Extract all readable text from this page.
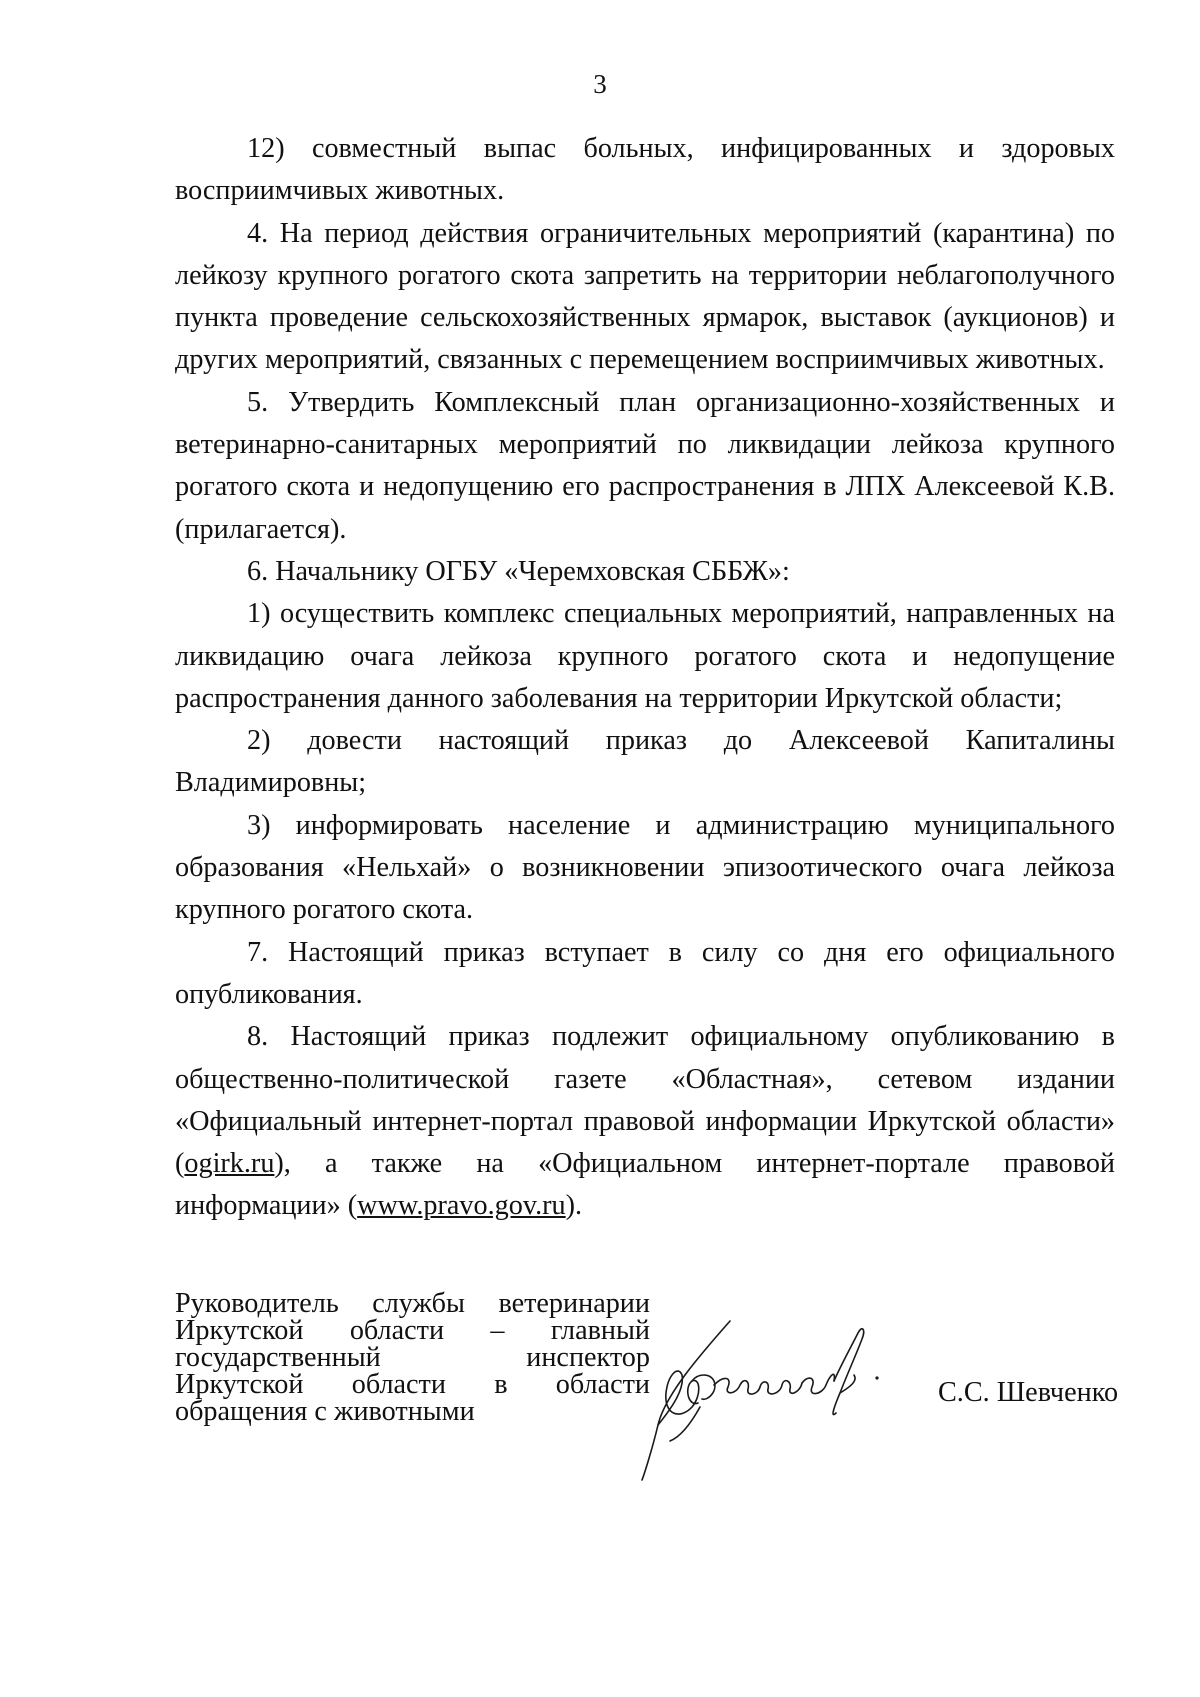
3

12) совместный выпас больных, инфицированных и здоровых восприимчивых животных.

4. На период действия ограничительных мероприятий (карантина) по лейкозу крупного рогатого скота запретить на территории неблагополучного пункта проведение сельскохозяйственных ярмарок, выставок (аукционов) и других мероприятий, связанных с перемещением восприимчивых животных.

5. Утвердить Комплексный план организационно-хозяйственных и ветеринарно-санитарных мероприятий по ликвидации лейкоза крупного рогатого скота и недопущению его распространения в ЛПХ Алексеевой К.В. (прилагается).

6. Начальнику ОГБУ «Черемховская СББЖ»:

1) осуществить комплекс специальных мероприятий, направленных на ликвидацию очага лейкоза крупного рогатого скота и недопущение распространения данного заболевания на территории Иркутской области;

2) довести настоящий приказ до Алексеевой Капиталины Владимировны;

3) информировать население и администрацию муниципального образования «Нельхай» о возникновении эпизоотического очага лейкоза крупного рогатого скота.

7. Настоящий приказ вступает в силу со дня его официального опубликования.

8. Настоящий приказ подлежит официальному опубликованию в общественно-политической газете «Областная», сетевом издании «Официальный интернет-портал правовой информации Иркутской области» (ogirk.ru), а также на «Официальном интернет-портале правовой информации» (www.pravo.gov.ru).

Руководитель службы ветеринарии
Иркутской области – главный
государственный	инспектор
Иркутской области в области
обращения с животными
С.С. Шевченко
